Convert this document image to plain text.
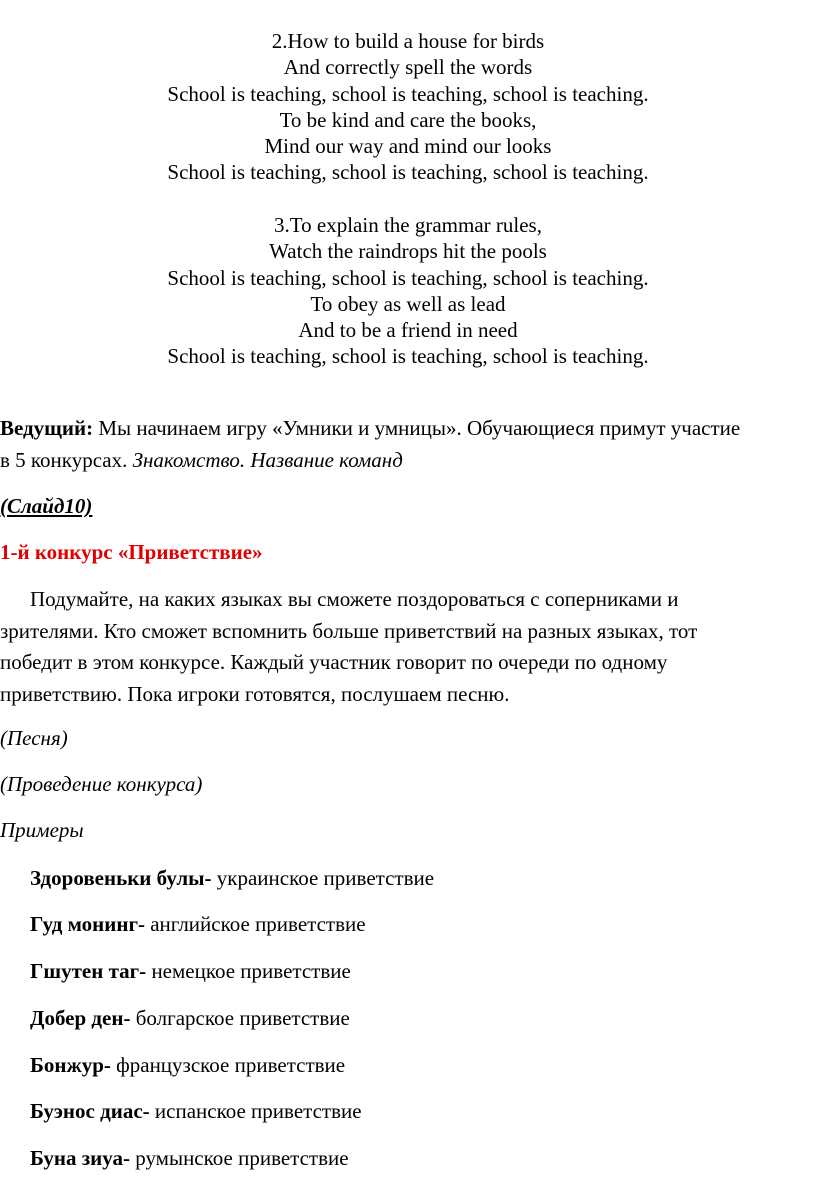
2.How to build a house for birds
And correctly spell the words
School is teaching, school is teaching, school is teaching.
To be kind and care the books,
Mind our way and mind our looks
School is teaching, school is teaching, school is teaching.
3.To explain the grammar rules,
Watch the raindrops hit the pools
School is teaching, school is teaching, school is teaching.
To obey as well as lead
And to be a friend in need
School is teaching, school is teaching, school is teaching.
Ведущий: Мы начинаем игру «Умники и умницы». Обучающиеся примут участие
в 5 конкурсах. Знакомство. Название команд
(Слайд10)
1-й конкурс «Приветствие»
Подумайте, на каких языках вы сможете поздороваться с соперниками и
зрителями. Кто сможет вспомнить больше приветствий на разных языках, тот
победит в этом конкурсе. Каждый участник говорит по очереди по одному
приветствию. Пока игроки готовятся, послушаем песню.
(Песня)
(Проведение конкурса)
Примеры
Здоровеньки булы- украинское приветствие
Гуд монинг- английское приветствие
Гшутен таг- немецкое приветствие
Добер ден- болгарское приветствие
Бонжур- французское приветствие
Буэнос диас- испанское приветствие
Буна зиуа- румынское приветствие
